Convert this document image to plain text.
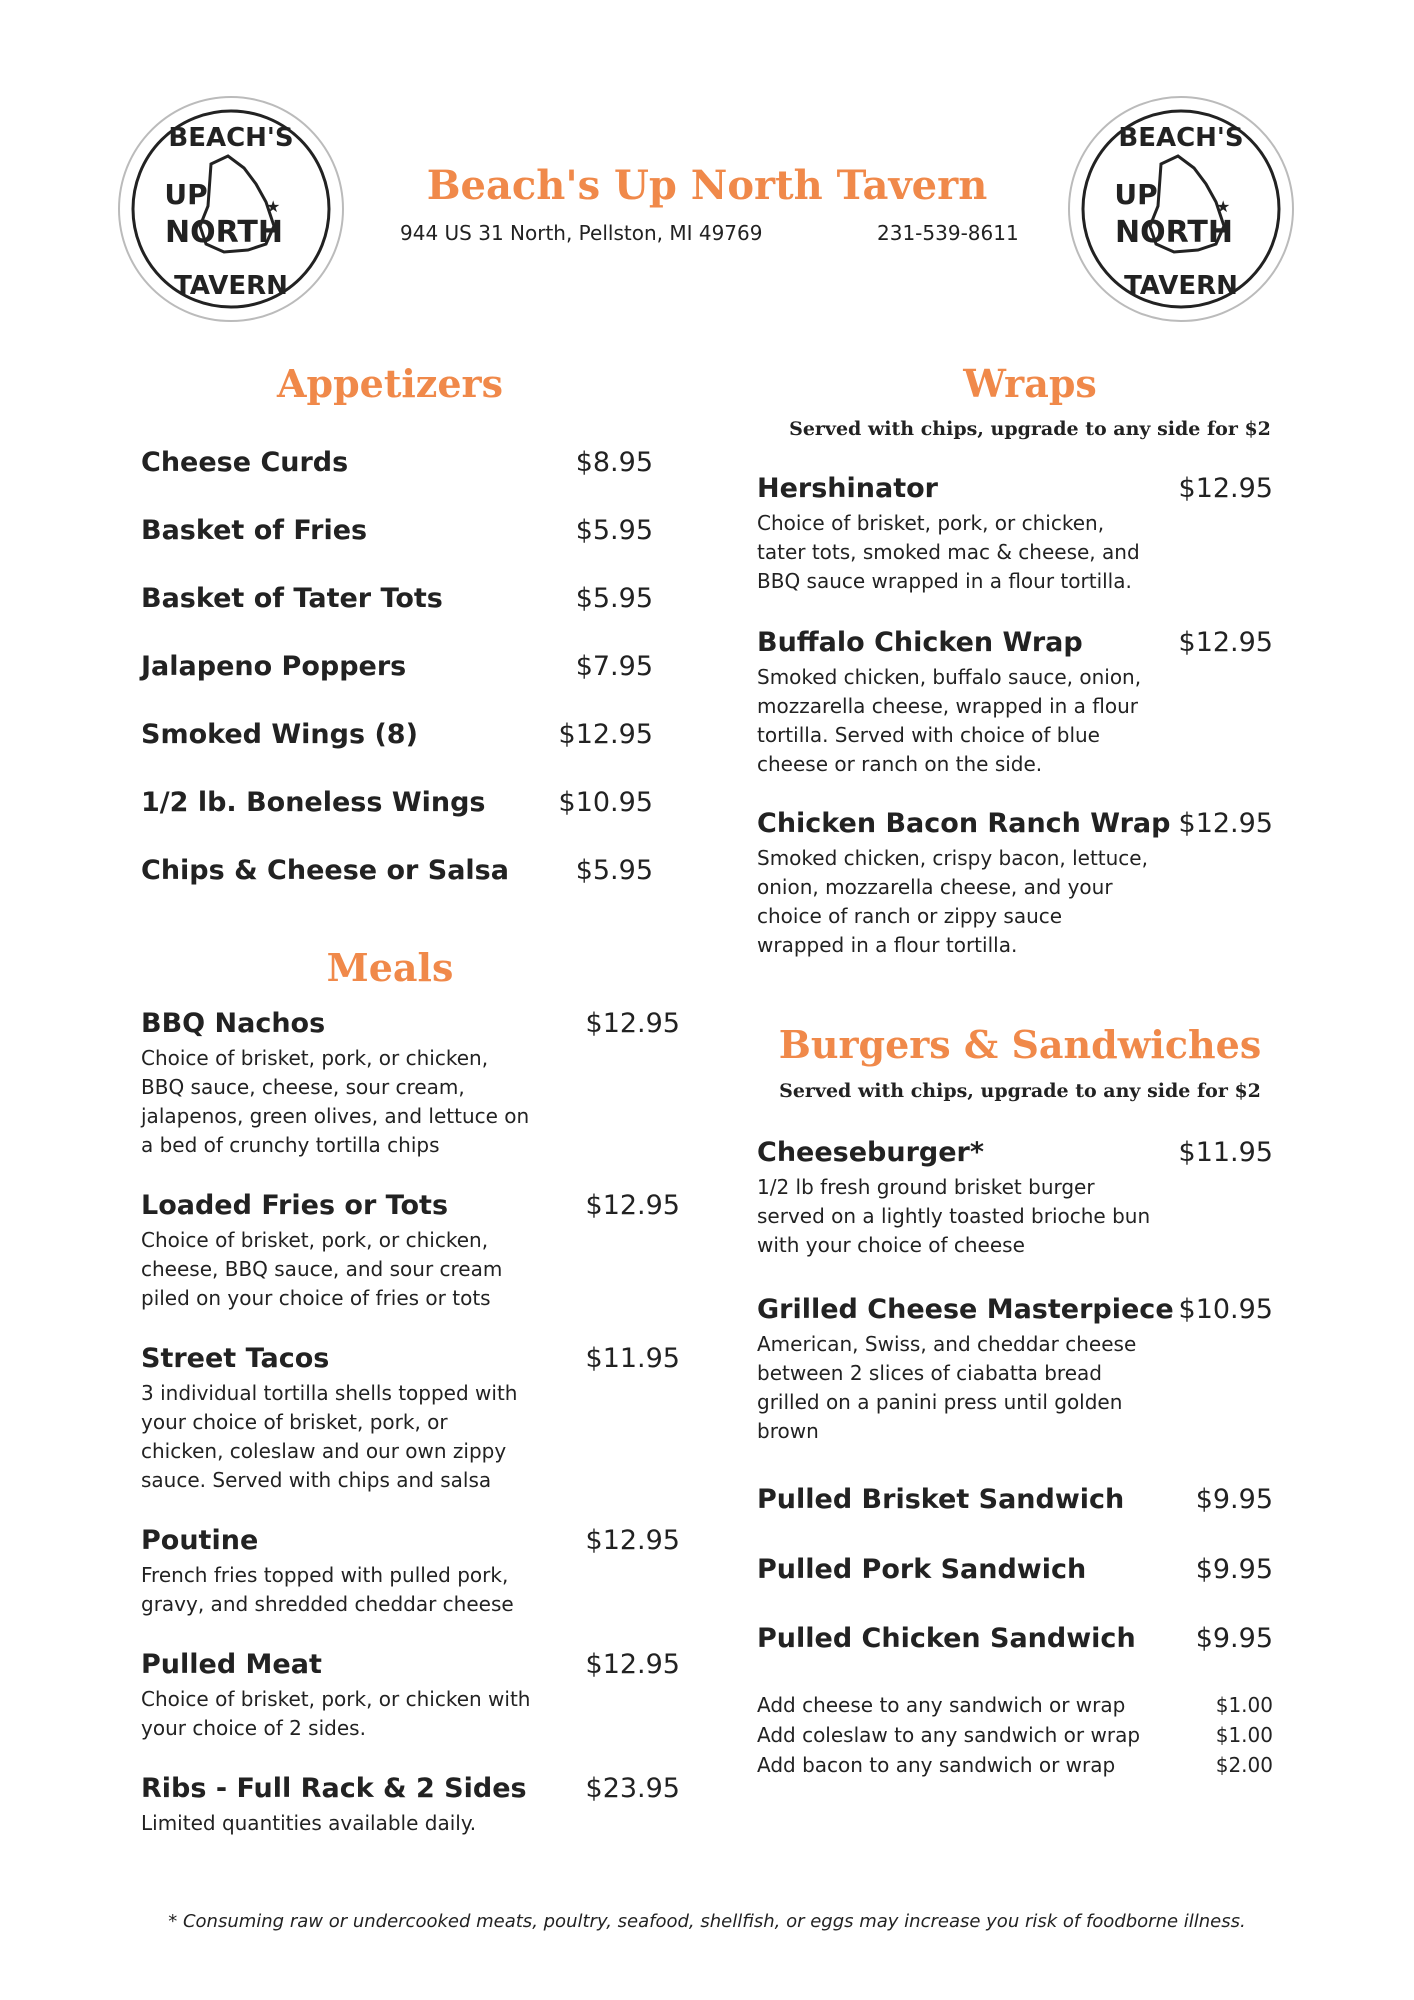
★
BEACH'S
UP
NORTH
TAVERN
★
BEACH'S
UP
NORTH
TAVERN
Beach's Up North Tavern
944 US 31 North, Pellston, MI 49769	231-539-8611
Appetizers
Cheese Curds	$8.95
Basket of Fries	$5.95
Basket of Tater Tots	$5.95
Jalapeno Poppers	$7.95
Smoked Wings (8)	$12.95
1/2 lb. Boneless Wings	$10.95
Chips & Cheese or Salsa	$5.95
Meals
BBQ Nachos	$12.95
Choice of brisket, pork, or chicken,
BBQ sauce, cheese, sour cream,
jalapenos, green olives, and lettuce on
a bed of crunchy tortilla chips
Loaded Fries or Tots	$12.95
Choice of brisket, pork, or chicken,
cheese, BBQ sauce, and sour cream
piled on your choice of fries or tots
Street Tacos	$11.95
3 individual tortilla shells topped with
your choice of brisket, pork, or
chicken, coleslaw and our own zippy
sauce. Served with chips and salsa
Poutine	$12.95
French fries topped with pulled pork,
gravy, and shredded cheddar cheese
Pulled Meat	$12.95
Choice of brisket, pork, or chicken with
your choice of 2 sides.
Ribs - Full Rack & 2 Sides	$23.95
Limited quantities available daily.
Wraps
Served with chips, upgrade to any side for $2
Hershinator	$12.95
Choice of brisket, pork, or chicken,
tater tots, smoked mac & cheese, and
BBQ sauce wrapped in a flour tortilla.
Buffalo Chicken Wrap	$12.95
Smoked chicken, buffalo sauce, onion,
mozzarella cheese, wrapped in a flour
tortilla. Served with choice of blue
cheese or ranch on the side.
Chicken Bacon Ranch Wrap $12.95
Smoked chicken, crispy bacon, lettuce,
onion, mozzarella cheese, and your
choice of ranch or zippy sauce
wrapped in a flour tortilla.
Burgers & Sandwiches
Served with chips, upgrade to any side for $2
Cheeseburger*	$11.95
1/2 lb fresh ground brisket burger
served on a lightly toasted brioche bun
with your choice of cheese
Grilled Cheese Masterpiece $10.95
American, Swiss, and cheddar cheese
between 2 slices of ciabatta bread
grilled on a panini press until golden
brown
Pulled Brisket Sandwich	$9.95
Pulled Pork Sandwich	$9.95
Pulled Chicken Sandwich	$9.95
Add cheese to any sandwich or wrap	$1.00
Add coleslaw to any sandwich or wrap	$1.00
Add bacon to any sandwich or wrap	$2.00
* Consuming raw or undercooked meats, poultry, seafood, shellfish, or eggs may increase you risk of foodborne illness.
